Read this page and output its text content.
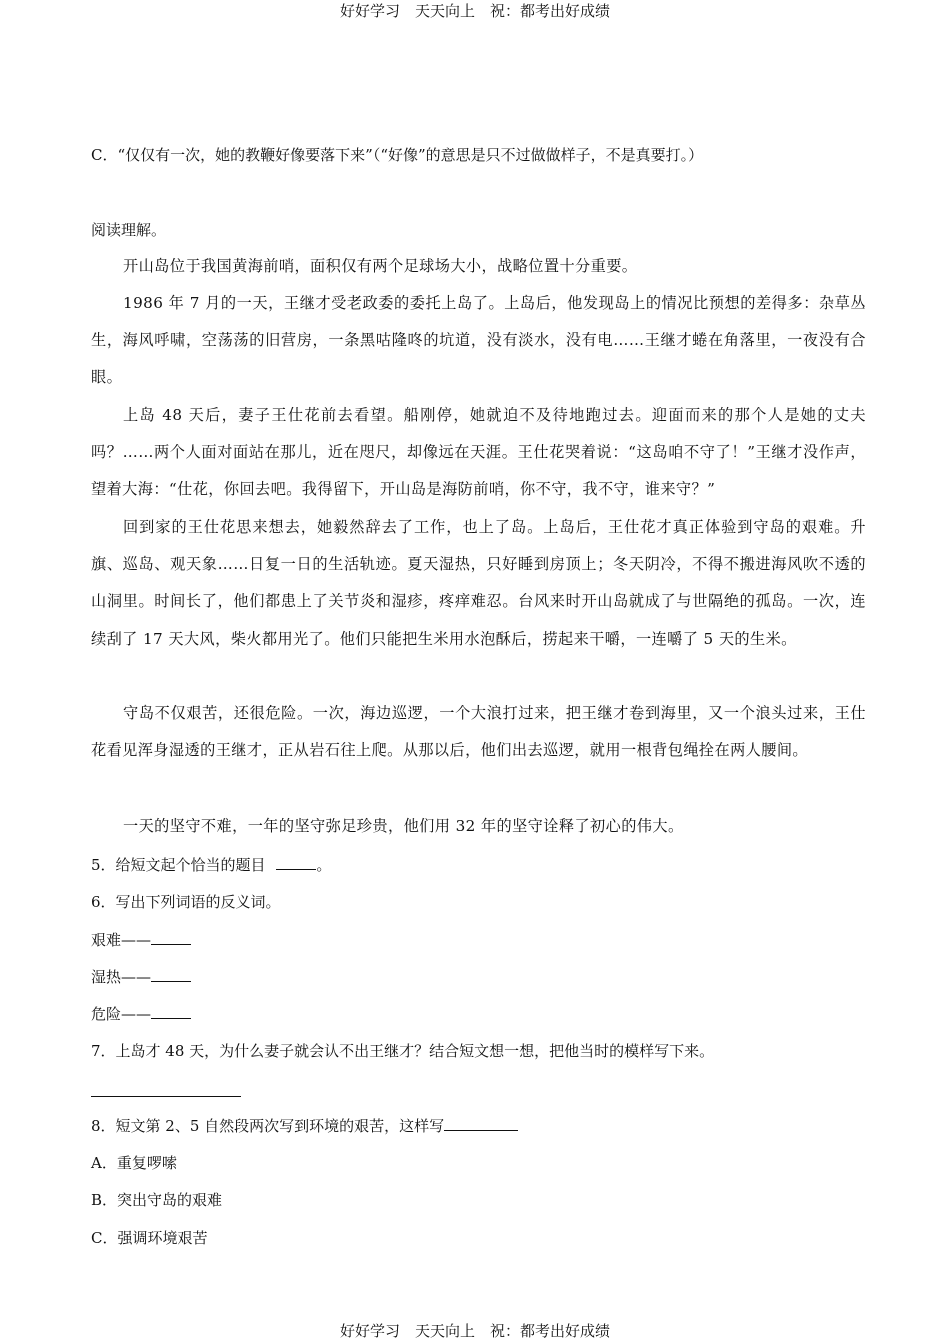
好好学习　天天向上　祝：都考出好成绩
C．“仅仅有一次，她的教鞭好像要落下来”（“好像”的意思是只不过做做样子，不是真要打。）
阅读理解。
开山岛位于我国黄海前哨，面积仅有两个足球场大小，战略位置十分重要。
1986 年 7 月的一天，王继才受老政委的委托上岛了。上岛后，他发现岛上的情况比预想的差得多：杂草丛生，海风呼啸，空荡荡的旧营房，一条黑咕隆咚的坑道，没有淡水，没有电……王继才蜷在角落里，一夜没有合眼。
上岛 48 天后，妻子王仕花前去看望。船刚停，她就迫不及待地跑过去。迎面而来的那个人是她的丈夫吗？……两个人面对面站在那儿，近在咫尺，却像远在天涯。王仕花哭着说：“这岛咱不守了！”王继才没作声，望着大海：“仕花，你回去吧。我得留下，开山岛是海防前哨，你不守，我不守，谁来守？”
回到家的王仕花思来想去，她毅然辞去了工作，也上了岛。上岛后，王仕花才真正体验到守岛的艰难。升旗、巡岛、观天象……日复一日的生活轨迹。夏天湿热，只好睡到房顶上；冬天阴冷，不得不搬进海风吹不透的山洞里。时间长了，他们都患上了关节炎和湿疹，疼痒难忍。台风来时开山岛就成了与世隔绝的孤岛。一次，连续刮了 17 天大风，柴火都用光了。他们只能把生米用水泡酥后，捞起来干嚼，一连嚼了 5 天的生米。
守岛不仅艰苦，还很危险。一次，海边巡逻，一个大浪打过来，把王继才卷到海里，又一个浪头过来，王仕花看见浑身湿透的王继才，正从岩石往上爬。从那以后，他们出去巡逻，就用一根背包绳拴在两人腰间。
一天的坚守不难，一年的坚守弥足珍贵，他们用 32 年的坚守诠释了初心的伟大。
5．给短文起个恰当的题目	。
6．写出下列词语的反义词。
艰难——
湿热——
危险——
7．上岛才 48 天，为什么妻子就会认不出王继才？结合短文想一想，把他当时的模样写下来。
8．短文第 2、5 自然段两次写到环境的艰苦，这样写
A．重复啰嗦
B．突出守岛的艰难
C．强调环境艰苦
好好学习　天天向上　祝：都考出好成绩
